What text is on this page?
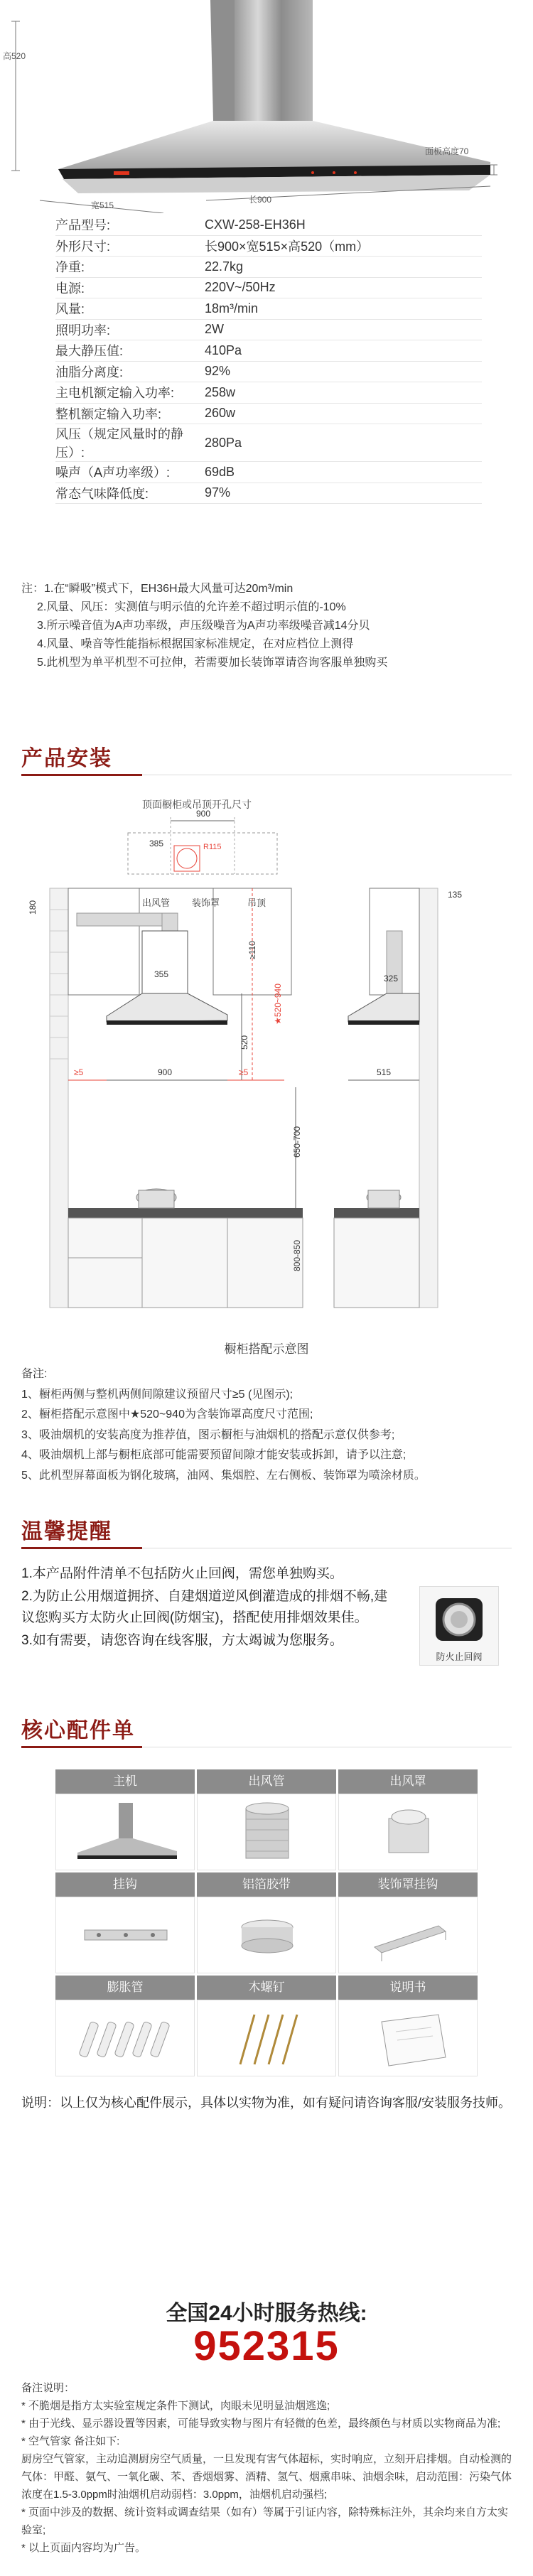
高520
面板高度70
宽515
长900
产品型号:	CXW-258-EH36H
外形尺寸:	长900×宽515×高520（mm）
净重:	22.7kg
电源:	220V~/50Hz
风量:	18m³/min
照明功率:	2W
最大静压值:	410Pa
油脂分离度:	92%
主电机额定输入功率:	258w
整机额定输入功率:	260w
风压（规定风量时的静压）:	280Pa
噪声（A声功率级）:	69dB
常态气味降低度:	97%
注：1.在“瞬吸”模式下，EH36H最大风量可达20m³/min
2.风量、风压：实测值与明示值的允许差不超过明示值的-10%
3.所示噪音值为A声功率级，声压级噪音为A声功率级噪音减14分贝
4.风量、噪音等性能指标根据国家标准规定，在对应档位上测得
5.此机型为单平机型不可拉伸，若需要加长装饰罩请咨询客服单独购买
产品安装
顶面橱柜或吊顶开孔尺寸
900
385	R115
180	出风管 装饰罩	吊顶
135
≥110
355
520
★520~940
≥5	900	≥5
650-700
800-850
325
515
橱柜搭配示意图
备注:
1、橱柜两侧与整机两侧间隙建议预留尺寸≥5 (见图示);
2、橱柜搭配示意图中★520~940为含装饰罩高度尺寸范围;
3、吸油烟机的安装高度为推荐值，图示橱柜与油烟机的搭配示意仅供参考;
4、吸油烟机上部与橱柜底部可能需要预留间隙才能安装或拆卸，请予以注意;
5、此机型屏幕面板为钢化玻璃，油网、集烟腔、左右侧板、装饰罩为喷涂材质。
温馨提醒
1.本产品附件清单不包括防火止回阀，需您单独购买。
2.为防止公用烟道拥挤、自建烟道逆风倒灌造成的排烟不畅,建议您购买方太防火止回阀(防烟宝)，搭配使用排烟效果佳。
3.如有需要，请您咨询在线客服，方太竭诚为您服务。
防火止回阀
核心配件单
主机	出风管	出风罩
挂钩	铝箔胶带	装饰罩挂钩
膨胀管	木螺钉	说明书
说明：以上仅为核心配件展示，具体以实物为准，如有疑问请咨询客服/安装服务技师。
全国24小时服务热线:
952315
备注说明：
* 不脆烟是指方太实验室规定条件下测试，肉眼未见明显油烟逃逸;
* 由于光线、显示器设置等因素，可能导致实物与图片有轻微的色差，最终颜色与材质以实物商品为准;
* 空气管家 备注如下:
厨房空气管家，主动追测厨房空气质量，一旦发现有害气体超标，实时响应，立刻开启排烟。自动检测的气体：甲醛、氨气、一氧化碳、苯、香烟烟雾、酒精、氢气、烟熏串味、油烟余味，启动范围：污染气体浓度在1.5-3.0ppm时油烟机启动弱档：3.0ppm，油烟机启动强档;
* 页面中涉及的数据、统计资料或调查结果（如有）等属于引证内容，除特殊标注外，其余均来自方太实验室;
* 以上页面内容均为广告。
